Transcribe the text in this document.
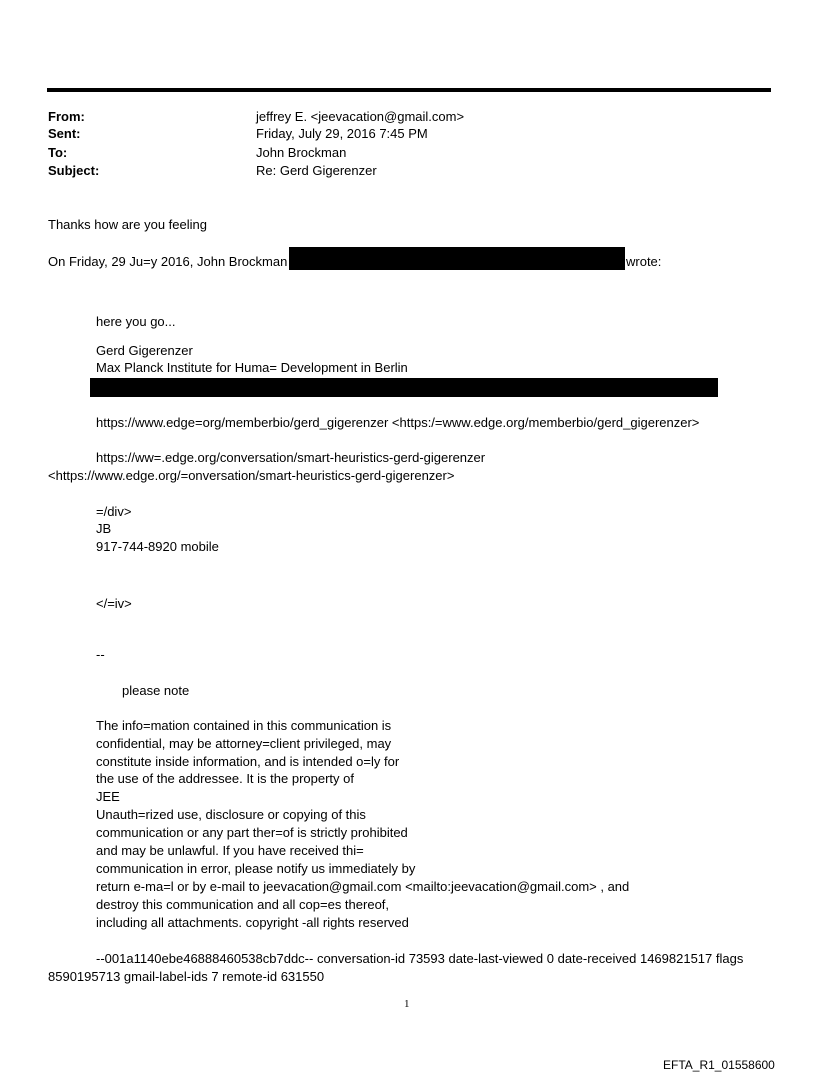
From:	jeffrey E. <jeevacation@gmail.com>
Sent:	Friday, July 29, 2016 7:45 PM
To:	John Brockman
Subject:	Re: Gerd Gigerenzer
Thanks how are you feeling
On Friday, 29 Ju=y 2016, John Brockman	wrote:
here you go...
Gerd Gigerenzer
Max Planck Institute for Huma= Development in Berlin
https://www.edge=org/memberbio/gerd_gigerenzer <https:/=www.edge.org/memberbio/gerd_gigerenzer>
https://ww=.edge.org/conversation/smart-heuristics-gerd-gigerenzer
<https://www.edge.org/=onversation/smart-heuristics-gerd-gigerenzer>
=/div>
JB
917-744-8920 mobile
</=iv>
--
please note
The info=mation contained in this communication is
confidential, may be attorney=client privileged, may
constitute inside information, and is intended o=ly for
the use of the addressee. It is the property of
JEE
Unauth=rized use, disclosure or copying of this
communication or any part ther=of is strictly prohibited
and may be unlawful. If you have received thi=
communication in error, please notify us immediately by
return e-ma=l or by e-mail to jeevacation@gmail.com <mailto:jeevacation@gmail.com> , and
destroy this communication and all cop=es thereof,
including all attachments. copyright -all rights reserved
--001a1140ebe46888460538cb7ddc-- conversation-id 73593 date-last-viewed 0 date-received 1469821517 flags
8590195713 gmail-label-ids 7 remote-id 631550
1
EFTA_R1_01558600
